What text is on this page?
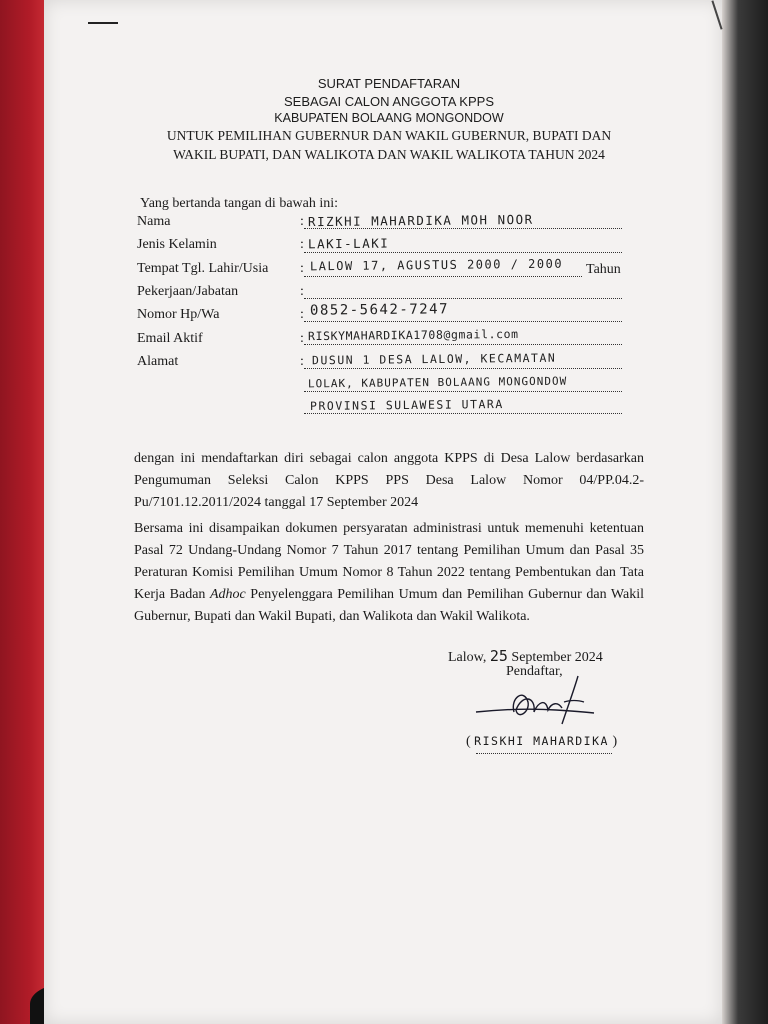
SURAT PENDAFTARAN
SEBAGAI CALON ANGGOTA KPPS
KABUPATEN BOLAANG MONGONDOW
UNTUK PEMILIHAN GUBERNUR DAN WAKIL GUBERNUR, BUPATI DAN
WAKIL BUPATI, DAN WALIKOTA DAN WAKIL WALIKOTA TAHUN 2024
Yang bertanda tangan di bawah ini:
Nama	: RIZKHI MAHARDIKA MOH NOOR
Jenis Kelamin	: LAKI-LAKI
Tempat Tgl. Lahir/Usia : LALOW 17, AGUSTUS 2000 / 2000 Tahun
Pekerjaan/Jabatan	:
Nomor Hp/Wa	: 0852-5642-7247
Email Aktif	: RISKYMAHARDIKA1708@gmail.com
Alamat	: DUSUN 1 DESA LALOW, KECAMATAN
LOLAK, KABUPATEN BOLAANG MONGONDOW
PROVINSI SULAWESI UTARA

dengan ini mendaftarkan diri sebagai calon anggota KPPS di Desa Lalow berdasarkan Pengumuman Seleksi Calon KPPS PPS Desa Lalow Nomor 04/PP.04.2-Pu/7101.12.2011/2024 tanggal 17 September 2024

Bersama ini disampaikan dokumen persyaratan administrasi untuk memenuhi ketentuan Pasal 72 Undang-Undang Nomor 7 Tahun 2017 tentang Pemilihan Umum dan Pasal 35 Peraturan Komisi Pemilihan Umum Nomor 8 Tahun 2022 tentang Pembentukan dan Tata Kerja Badan Adhoc Penyelenggara Pemilihan Umum dan Pemilihan Gubernur dan Wakil Gubernur, Bupati dan Wakil Bupati, dan Walikota dan Wakil Walikota.

Lalow, 25 September 2024
Pendaftar,
( RISKHI MAHARDIKA )
